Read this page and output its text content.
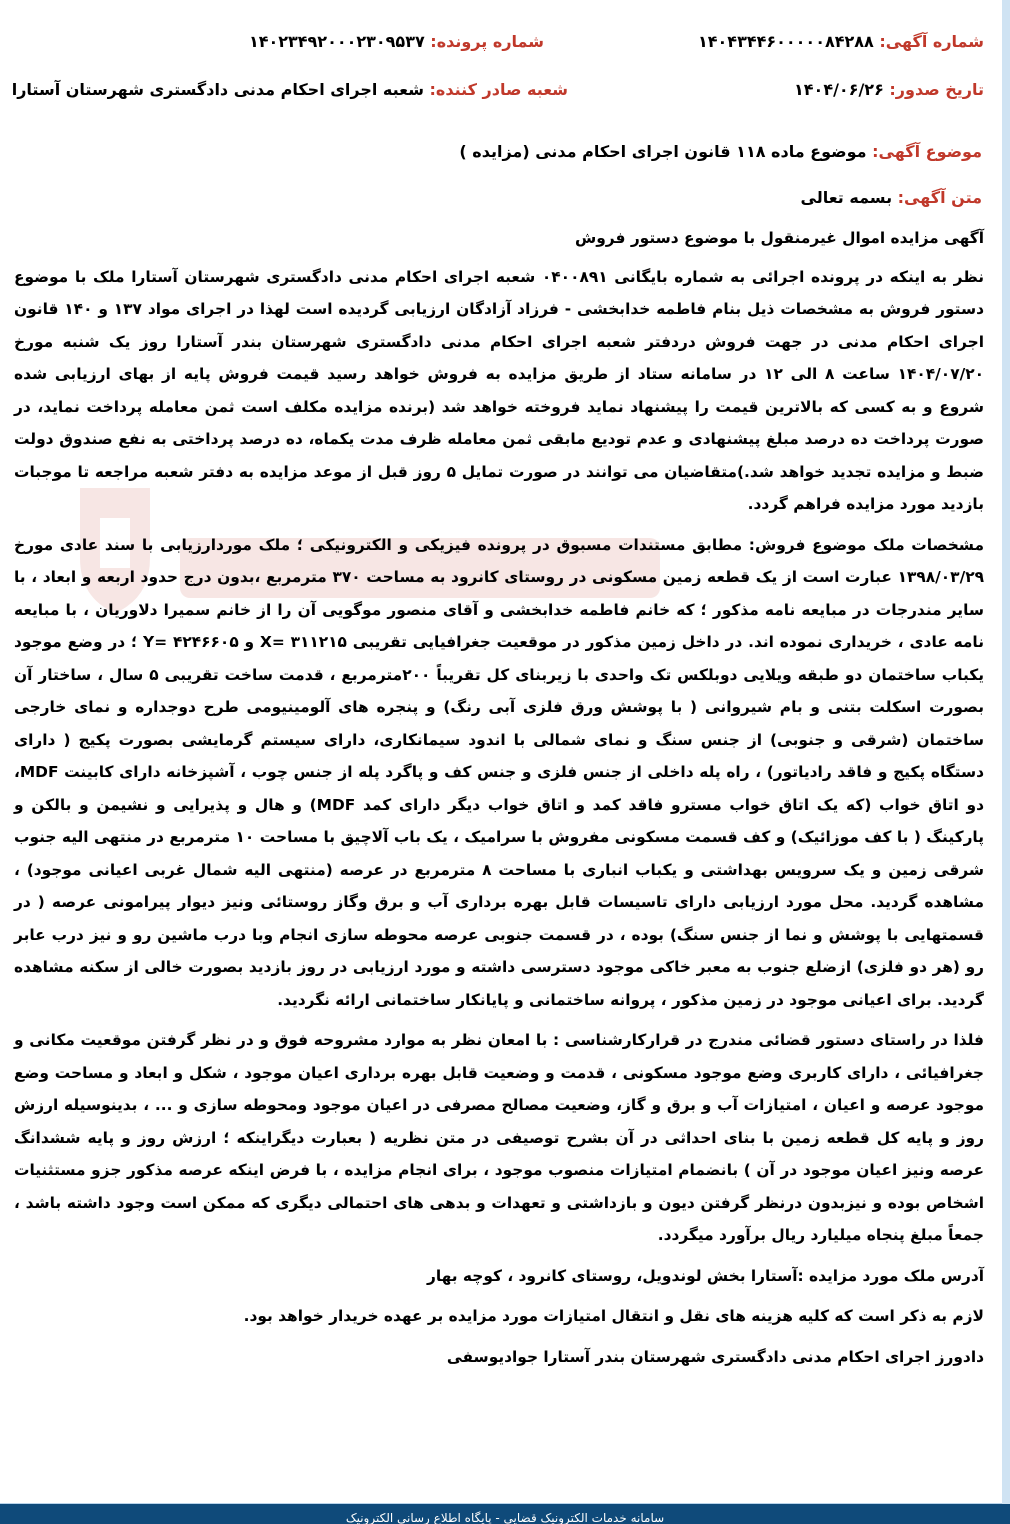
شماره آگهی: ۱۴۰۴۳۴۴۶۰۰۰۰۰۸۴۲۸۸
شماره پرونده: ۱۴۰۲۳۴۹۲۰۰۰۲۳۰۹۵۳۷
تاریخ صدور: ۱۴۰۴/۰۶/۲۶
شعبه صادر کننده: شعبه اجرای احکام مدنی دادگستری شهرستان آستارا
موضوع آگهی: موضوع ماده ۱۱۸ قانون اجرای احکام مدنی (مزایده )
متن آگهی: بسمه تعالی

آگهی مزایده اموال غیرمنقول با موضوع دستور فروش

نظر به اینکه در پرونده اجرائی به شماره بایگانی ۰۴۰۰۸۹۱ شعبه اجرای احکام مدنی دادگستری شهرستان آستارا ملک با موضوع دستور فروش به مشخصات ذیل بنام فاطمه خدابخشی - فرزاد آزادگان ارزیابی گردیده است لهذا در اجرای مواد ۱۳۷ و ۱۴۰ قانون اجرای احکام مدنی در جهت فروش دردفتر شعبه اجرای احکام مدنی دادگستری شهرستان بندر آستارا روز یک شنبه مورخ ۱۴۰۴/۰۷/۲۰ ساعت ۸ الی ۱۲ در سامانه ستاد از طریق مزایده به فروش خواهد رسید قیمت فروش پایه از بهای ارزیابی شده شروع و به کسی که بالاترین قیمت را پیشنهاد نماید فروخته خواهد شد (برنده مزایده مکلف است ثمن معامله پرداخت نماید، در صورت پرداخت ده درصد مبلغ پیشنهادی و عدم تودیع مابقی ثمن معامله ظرف مدت یکماه، ده درصد پرداختی به نفع صندوق دولت ضبط و مزایده تجدید خواهد شد.)متقاضیان می توانند در صورت تمایل ۵ روز قبل از موعد مزایده به دفتر شعبه مراجعه تا موجبات بازدید مورد مزایده فراهم گردد.

مشخصات ملک موضوع فروش: مطابق مستندات مسبوق در پرونده فیزیکی و الکترونیکی ؛ ملک موردارزیابی با سند عادی مورخ ۱۳۹۸/۰۳/۲۹ عبارت است از یک قطعه زمین مسکونی در روستای کانرود به مساحت ۳۷۰ مترمربع ،بدون درج حدود اربعه و ابعاد ، با سایر مندرجات در مبایعه نامه مذکور ؛ که خانم فاطمه خدابخشی و آقای منصور موگویی آن را از خانم سمیرا دلاوریان ، با مبایعه نامه عادی ، خریداری نموده اند. در داخل زمین مذکور در موقعیت جغرافیایی تقریبی ۳۱۱۲۱۵ =X و ۴۲۴۶۶۰۵ =Y ؛ در وضع موجود یکباب ساختمان دو طبقه ویلایی دوبلکس تک واحدی با زیربنای کل تقریباً ۲۰۰مترمربع ، قدمت ساخت تقریبی ۵ سال ، ساختار آن بصورت اسکلت بتنی و بام شیروانی ( با پوشش ورق فلزی آبی رنگ) و پنجره های آلومینیومی طرح دوجداره و نمای خارجی ساختمان (شرقی و جنوبی) از جنس سنگ و نمای شمالی با اندود سیمانکاری، دارای سیستم گرمایشی بصورت پکیج ( دارای دستگاه پکیج و فاقد رادیاتور) ، راه پله داخلی از جنس فلزی و جنس کف و پاگرد پله از جنس چوب ، آشپزخانه دارای کابینت MDF، دو اتاق خواب (که یک اتاق خواب مسترو فاقد کمد و اتاق خواب دیگر دارای کمد MDF) و هال و پذیرایی و نشیمن و بالکن و پارکینگ ( با کف موزائیک) و کف قسمت مسکونی مفروش با سرامیک ، یک باب آلاچیق با مساحت ۱۰ مترمربع در منتهی الیه جنوب شرقی زمین و یک سرویس بهداشتی و یکباب انباری با مساحت ۸ مترمربع در عرصه (منتهی الیه شمال غربی اعیانی موجود) ، مشاهده گردید. محل مورد ارزیابی دارای تاسیسات قابل بهره برداری آب و برق وگاز روستائی ونیز دیوار پیرامونی عرصه ( در قسمتهایی با پوشش و نما از جنس سنگ) بوده ، در قسمت جنوبی عرصه محوطه سازی انجام وبا درب ماشین رو و نیز درب عابر رو (هر دو فلزی) ازضلع جنوب به معبر خاکی موجود دسترسی داشته و مورد ارزیابی در روز بازدید بصورت خالی از سکنه مشاهده گردید. برای اعیانی موجود در زمین مذکور ، پروانه ساختمانی و پایانکار ساختمانی ارائه نگردید.

فلذا در راستای دستور قضائی مندرج در قرارکارشناسی : با امعان نظر به موارد مشروحه فوق و در نظر گرفتن موقعیت مکانی و جغرافیائی ، دارای کاربری وضع موجود مسکونی ، قدمت و وضعیت قابل بهره برداری اعیان موجود ، شکل و ابعاد و مساحت وضع موجود عرصه و اعیان ، امتیازات آب و برق و گاز، وضعیت مصالح مصرفی در اعیان موجود ومحوطه سازی و ... ، بدینوسیله ارزش روز و پایه کل قطعه زمین با بنای احداثی در آن بشرح توصیفی در متن نظریه ( بعبارت دیگراینکه ؛ ارزش روز و پایه ششدانگ عرصه ونیز اعیان موجود در آن ) بانضمام امتیازات منصوب موجود ، برای انجام مزایده ، با فرض اینکه عرصه مذکور جزو مستثنیات اشخاص بوده و نیزبدون درنظر گرفتن دیون و بازداشتی و تعهدات و بدهی های احتمالی دیگری که ممکن است وجود داشته باشد ، جمعاً مبلغ پنجاه میلیارد ریال برآورد میگردد.

آدرس ملک مورد مزایده :آستارا بخش لوندویل، روستای کانرود ، کوچه بهار

لازم به ذکر است که کلیه هزینه های نقل و انتقال امتیازات مورد مزایده بر عهده خریدار خواهد بود.

دادورز اجرای احکام مدنی دادگستری شهرستان بندر آستارا جوادیوسفی

سامانه خدمات الکترونیک قضایی - پایگاه اطلاع رسانی الکترونیک
